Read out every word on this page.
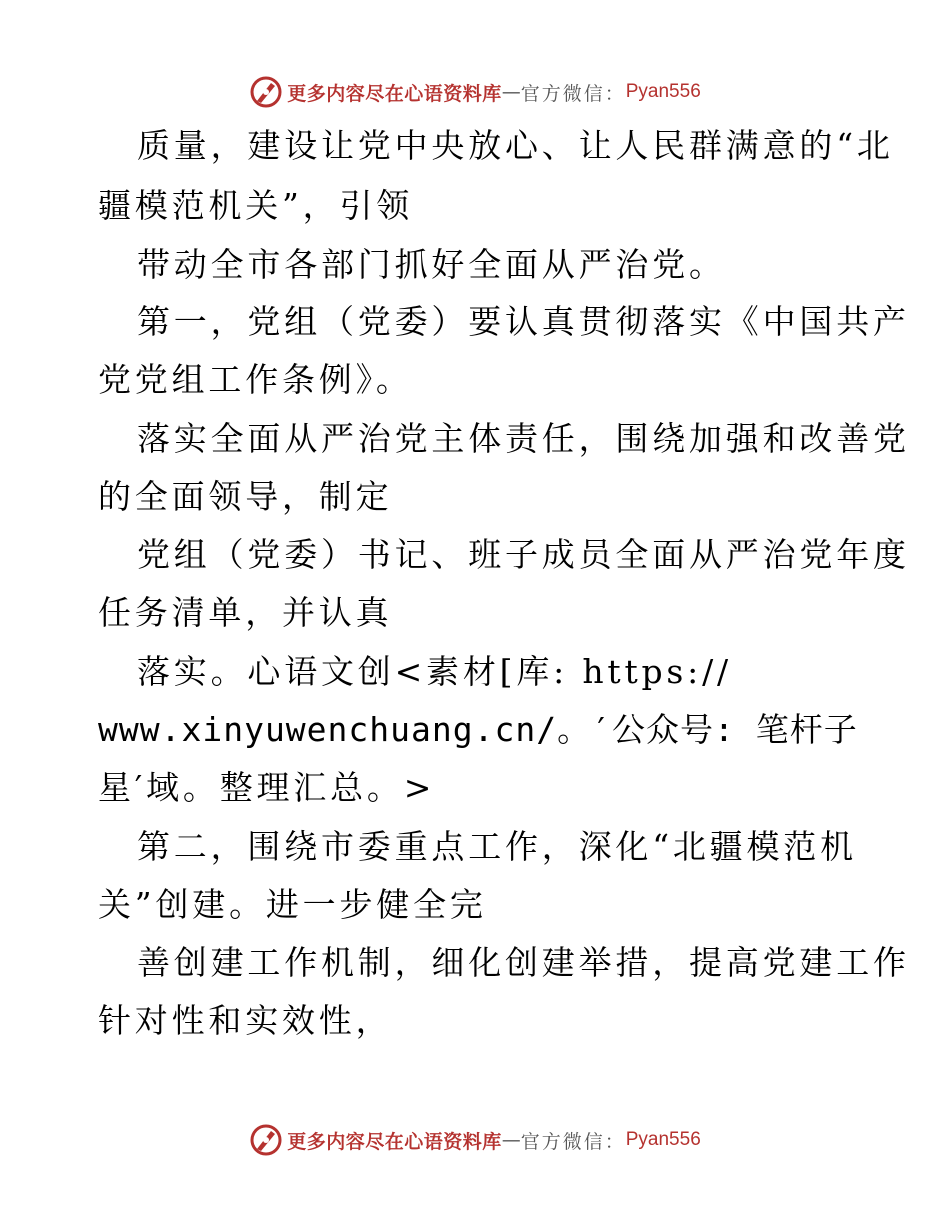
更多内容尽在心语资料库 — 官方微信： Pyan556

质量，建设让党中央放心、让人民群满意的“北

疆模范机关”，引领

带动全市各部门抓好全面从严治党。

第一，党组（党委）要认真贯彻落实《中国共产

党党组工作条例》。

落实全面从严治党主体责任，围绕加强和改善党

的全面领导，制定

党组（党委）书记、班子成员全面从严治党年度

任务清单，并认真

落实。心语文创<素材[库: https://

www.xinyuwenchuang.cn/。′公众号: 笔杆子

星′域。整理汇总。>

第二，围绕市委重点工作，深化“北疆模范机

关”创建。进一步健全完

善创建工作机制，细化创建举措，提高党建工作

针对性和实效性，

更多内容尽在心语资料库 — 官方微信： Pyan556
